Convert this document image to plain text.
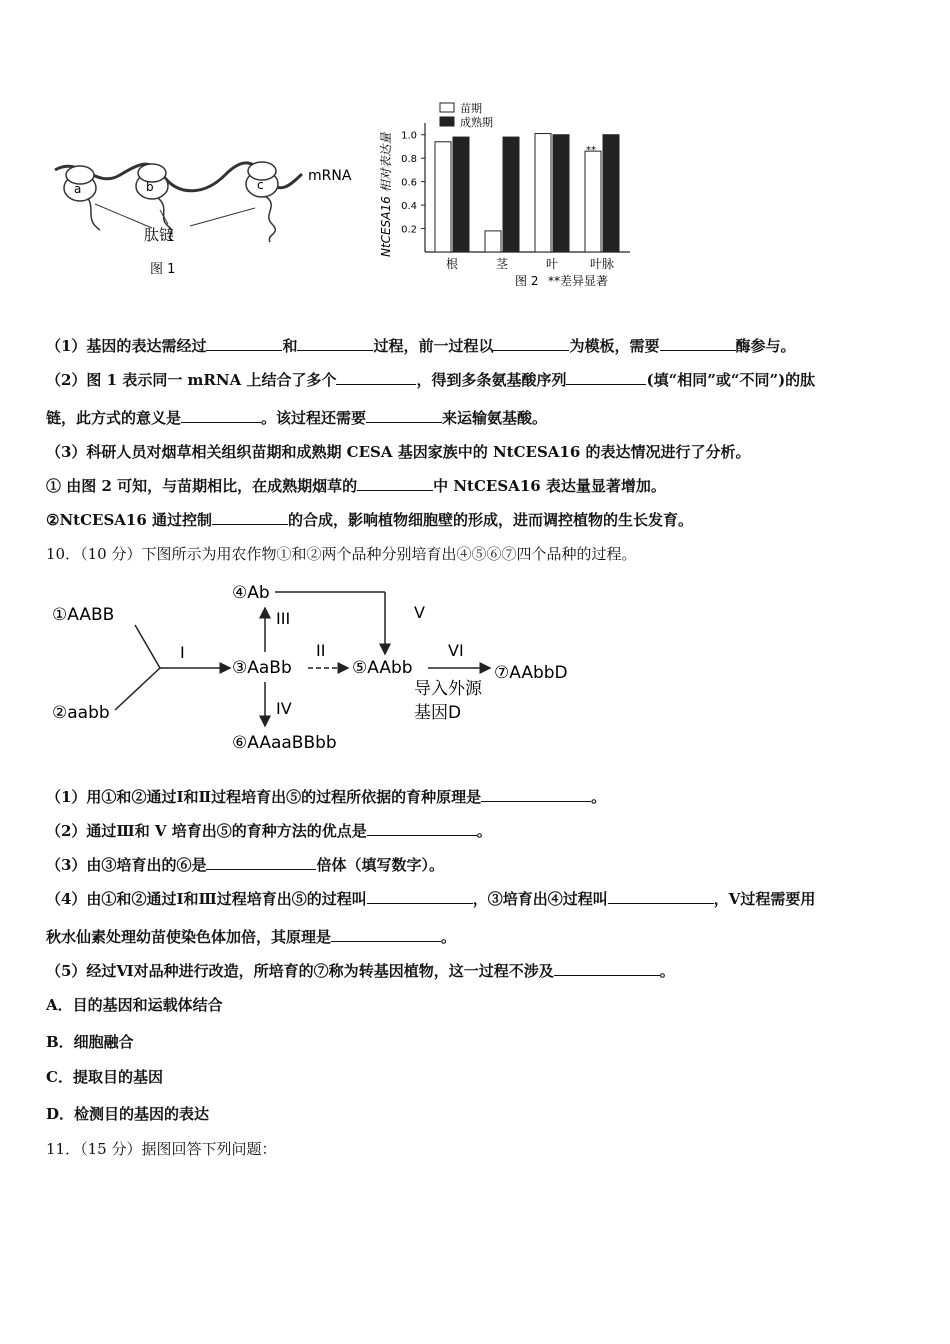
a	b	c
mRNA
肽链
图 1
苗期
成熟期
NtCESA16 相对表达量 0.2
0.4
0.6
0.8
1.0
根	茎	叶	叶脉
**
图 2 **差异显著
（1）基因的表达需经过	和	过程，前一过程以	为模板，需要	酶参与。
（2）图 1 表示同一 mRNA 上结合了多个	，得到多条氨基酸序列	(填“相同”或“不同”)的肽
链，此方式的意义是	。该过程还需要	来运输氨基酸。
（3）科研人员对烟草相关组织苗期和成熟期 CESA 基因家族中的 NtCESA16 的表达情况进行了分析。
① 由图 2 可知，与苗期相比，在成熟期烟草的	中 NtCESA16 表达量显著增加。
②NtCESA16 通过控制	的合成，影响植物细胞壁的形成，进而调控植物的生长发育。
10．（10 分）下图所示为用农作物①和②两个品种分别培育出④⑤⑥⑦四个品种的过程。
①AABB
②aabb
③AaBb
④Ab
⑤AAbb
⑥AAaaBBbb
⑦AAbbD
I
III
IV
II
V
VI
导入外源
基因D
（1）用①和②通过Ⅰ和Ⅱ过程培育出⑤的过程所依据的育种原理是	。
（2）通过Ⅲ和 V 培育出⑤的育种方法的优点是	。
（3）由③培育出的⑥是	倍体（填写数字）。
（4）由①和②通过Ⅰ和Ⅲ过程培育出⑤的过程叫	，③培育出④过程叫	，Ⅴ过程需要用
秋水仙素处理幼苗使染色体加倍，其原理是	。
（5）经过Ⅵ对品种进行改造，所培育的⑦称为转基因植物，这一过程不涉及	。
A．目的基因和运载体结合
B．细胞融合
C．提取目的基因
D．检测目的基因的表达
11．（15 分）据图回答下列问题：
